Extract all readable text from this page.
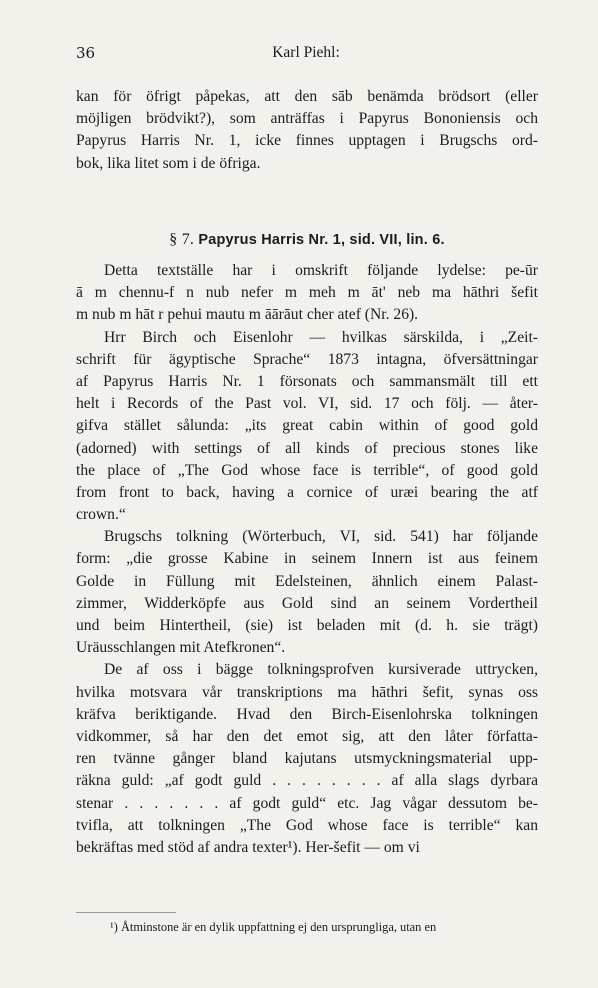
36	Karl Piehl:
kan för öfrigt påpekas, att den sāb benämda brödsort (eller
möjligen brödvikt?), som anträffas i Papyrus Bononiensis och
Papyrus Harris Nr. 1, icke finnes upptagen i Brugschs ord-
bok, lika litet som i de öfriga.
§ 7. Papyrus Harris Nr. 1, sid. VII, lin. 6.
Detta textställe har i omskrift följande lydelse: pe-ūr
ā m chennu-f n nub nefer m meh m āt' neb ma hāthri šefit
m nub m hāt r pehui mautu m āārāut cher atef (Nr. 26).
Hrr Birch och Eisenlohr — hvilkas särskilda, i „Zeit-
schrift für ägyptische Sprache“ 1873 intagna, öfversättningar
af Papyrus Harris Nr. 1 försonats och sammansmält till ett
helt i Records of the Past vol. VI, sid. 17 och följ. — åter-
gifva stället sålunda: „its great cabin within of good gold
(adorned) with settings of all kinds of precious stones like
the place of „The God whose face is terrible“, of good gold
from front to back, having a cornice of uræi bearing the atf
crown.“
Brugschs tolkning (Wörterbuch, VI, sid. 541) har följande
form: „die grosse Kabine in seinem Innern ist aus feinem
Golde in Füllung mit Edelsteinen, ähnlich einem Palast-
zimmer, Widderköpfe aus Gold sind an seinem Vordertheil
und beim Hintertheil, (sie) ist beladen mit (d. h. sie trägt)
Uräusschlangen mit Atefkronen“.
De af oss i bägge tolkningsprofven kursiverade uttrycken,
hvilka motsvara vår transkriptions ma hāthri šefit, synas oss
kräfva beriktigande. Hvad den Birch-Eisenlohrska tolkningen
vidkommer, så har den det emot sig, att den låter författa-
ren tvänne gånger bland kajutans utsmyckningsmaterial upp-
räkna guld: „af godt guld . . . . . . . . af alla slags dyrbara
stenar . . . . . . . af godt guld“ etc. Jag vågar dessutom be-
tvifla, att tolkningen „The God whose face is terrible“ kan
bekräftas med stöd af andra texter¹). Her-šefit — om vi
¹) Åtminstone är en dylik uppfattning ej den ursprungliga, utan en
